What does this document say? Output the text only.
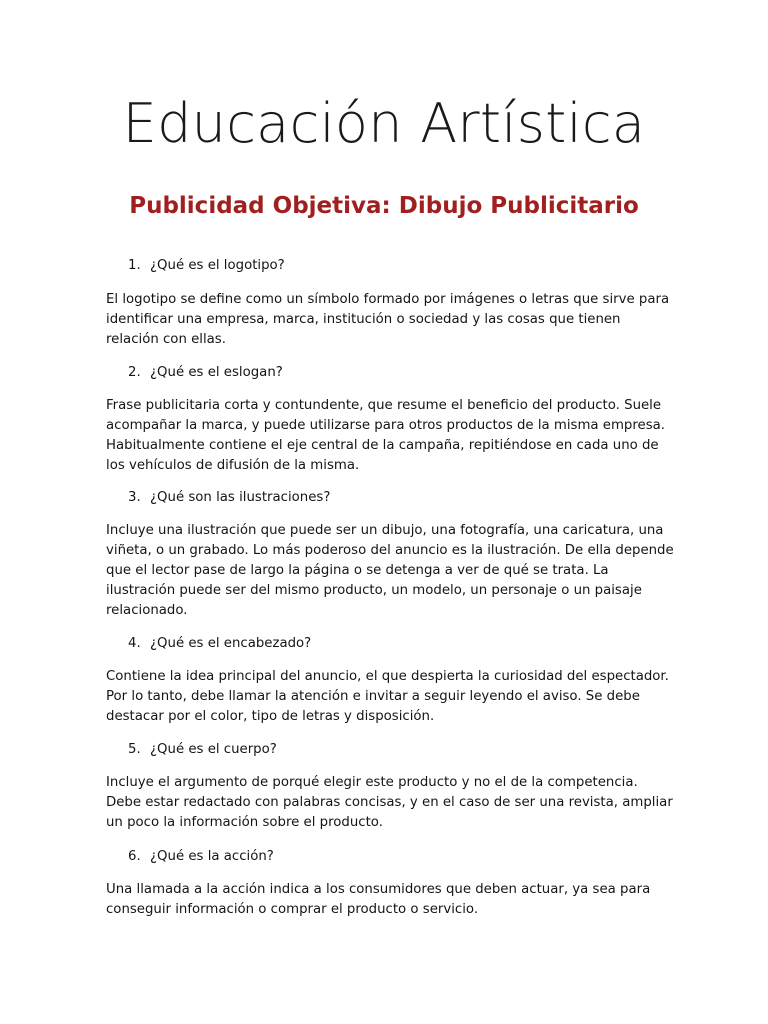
Educación Artística
Publicidad Objetiva: Dibujo Publicitario

1. ¿Qué es el logotipo?

El logotipo se define como un símbolo formado por imágenes o letras que sirve para identificar una empresa, marca, institución o sociedad y las cosas que tienen relación con ellas.

2. ¿Qué es el eslogan?

Frase publicitaria corta y contundente, que resume el beneficio del producto. Suele acompañar la marca, y puede utilizarse para otros productos de la misma empresa. Habitualmente contiene el eje central de la campaña, repitiéndose en cada uno de los vehículos de difusión de la misma.

3. ¿Qué son las ilustraciones?

Incluye una ilustración que puede ser un dibujo, una fotografía, una caricatura, una viñeta, o un grabado. Lo más poderoso del anuncio es la ilustración. De ella depende que el lector pase de largo la página o se detenga a ver de qué se trata. La ilustración puede ser del mismo producto, un modelo, un personaje o un paisaje relacionado.

4. ¿Qué es el encabezado?

Contiene la idea principal del anuncio, el que despierta la curiosidad del espectador. Por lo tanto, debe llamar la atención e invitar a seguir leyendo el aviso. Se debe destacar por el color, tipo de letras y disposición.

5. ¿Qué es el cuerpo?

Incluye el argumento de porqué elegir este producto y no el de la competencia. Debe estar redactado con palabras concisas, y en el caso de ser una revista, ampliar un poco la información sobre el producto.

6. ¿Qué es la acción?

Una llamada a la acción indica a los consumidores que deben actuar, ya sea para conseguir información o comprar el producto o servicio.
